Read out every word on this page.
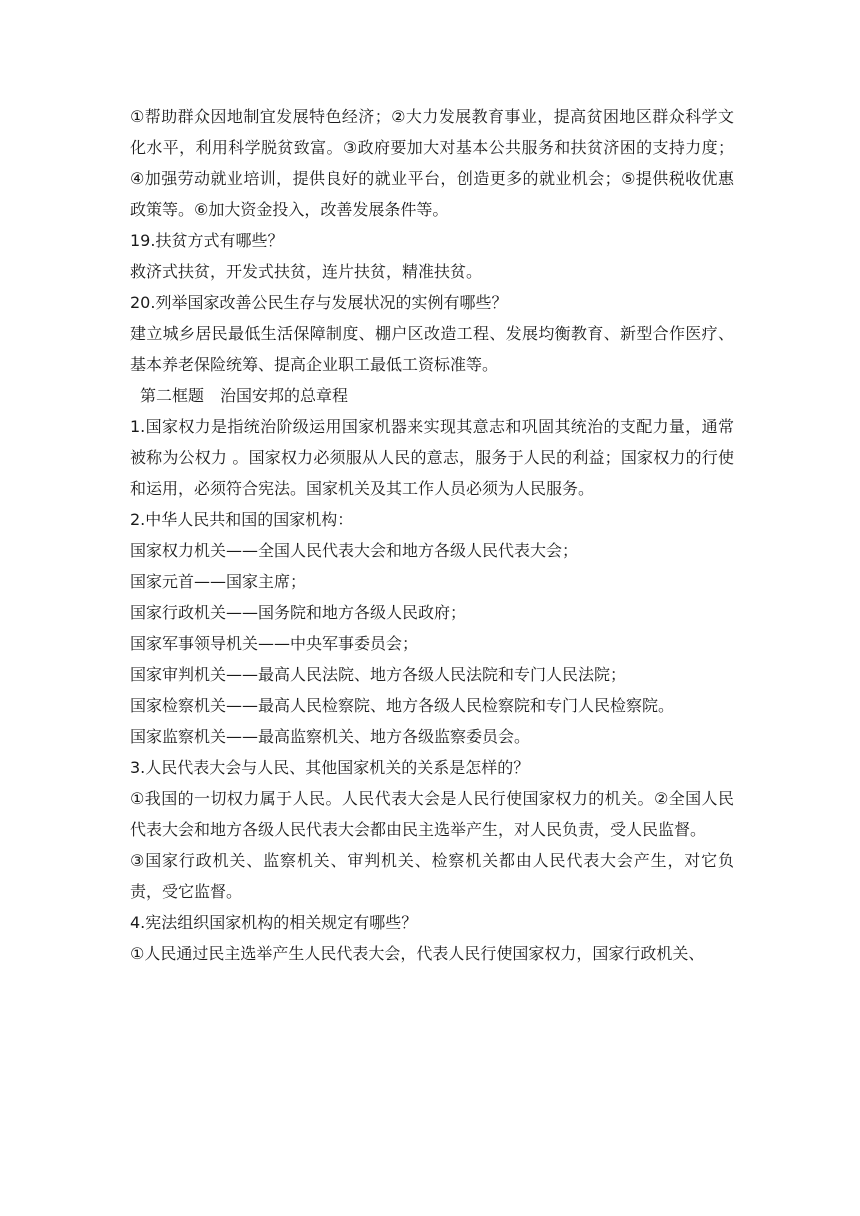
①帮助群众因地制宜发展特色经济；②大力发展教育事业，提高贫困地区群众科学文化水平，利用科学脱贫致富。③政府要加大对基本公共服务和扶贫济困的支持力度；④加强劳动就业培训，提供良好的就业平台，创造更多的就业机会；⑤提供税收优惠政策等。⑥加大资金投入，改善发展条件等。

19.扶贫方式有哪些？

救济式扶贫，开发式扶贫，连片扶贫，精准扶贫。

20.列举国家改善公民生存与发展状况的实例有哪些？

建立城乡居民最低生活保障制度、棚户区改造工程、发展均衡教育、新型合作医疗、基本养老保险统筹、提高企业职工最低工资标准等。

第二框题　治国安邦的总章程

1.国家权力是指统治阶级运用国家机器来实现其意志和巩固其统治的支配力量，通常被称为公权力 。国家权力必须服从人民的意志，服务于人民的利益；国家权力的行使和运用，必须符合宪法。国家机关及其工作人员必须为人民服务。

2.中华人民共和国的国家机构：

国家权力机关——全国人民代表大会和地方各级人民代表大会；

国家元首——国家主席；

国家行政机关——国务院和地方各级人民政府；

国家军事领导机关——中央军事委员会；

国家审判机关——最高人民法院、地方各级人民法院和专门人民法院；

国家检察机关——最高人民检察院、地方各级人民检察院和专门人民检察院。

国家监察机关——最高监察机关、地方各级监察委员会。

3.人民代表大会与人民、其他国家机关的关系是怎样的？

①我国的一切权力属于人民。人民代表大会是人民行使国家权力的机关。②全国人民代表大会和地方各级人民代表大会都由民主选举产生，对人民负责，受人民监督。

③国家行政机关、监察机关、审判机关、检察机关都由人民代表大会产生，对它负责，受它监督。

4.宪法组织国家机构的相关规定有哪些？

①人民通过民主选举产生人民代表大会，代表人民行使国家权力，国家行政机关、
